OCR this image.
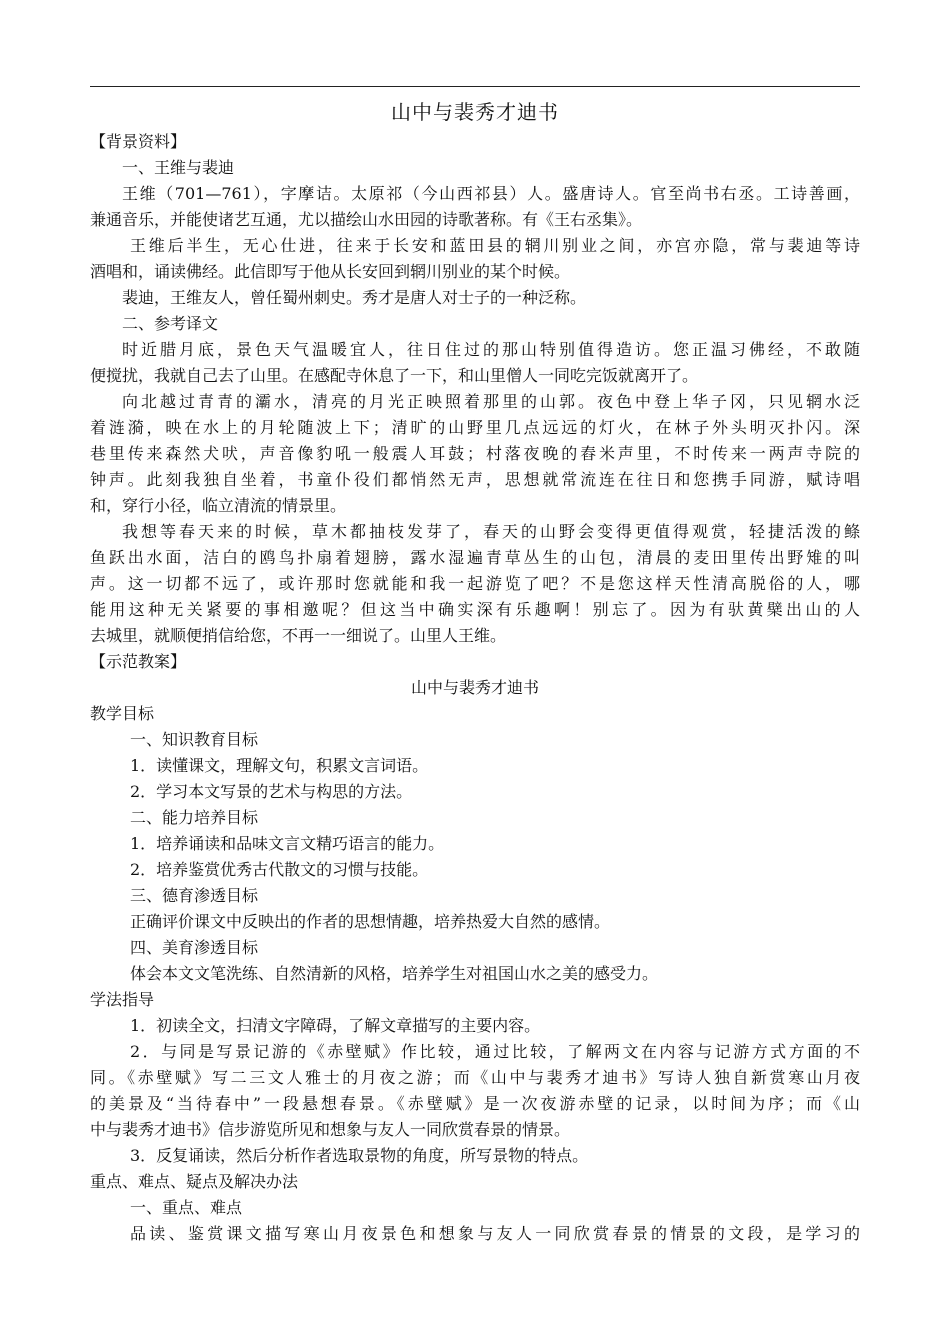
山中与裴秀才迪书
【背景资料】
一、王维与裴迪
王维（701—761），字摩诘。太原祁（今山西祁县）人。盛唐诗人。官至尚书右丞。工诗善画，
兼通音乐，并能使诸艺互通，尤以描绘山水田园的诗歌著称。有《王右丞集》。
王维后半生，无心仕进，往来于长安和蓝田县的辋川别业之间，亦宫亦隐，常与裴迪等诗
酒唱和，诵读佛经。此信即写于他从长安回到辋川别业的某个时候。
裴迪，王维友人，曾任蜀州刺史。秀才是唐人对士子的一种泛称。
二、参考译文
时近腊月底，景色天气温暖宜人，往日住过的那山特别值得造访。您正温习佛经，不敢随
便搅扰，我就自己去了山里。在感配寺休息了一下，和山里僧人一同吃完饭就离开了。
向北越过青青的灞水，清亮的月光正映照着那里的山郭。夜色中登上华子冈，只见辋水泛
着涟漪，映在水上的月轮随波上下；清旷的山野里几点远远的灯火，在林子外头明灭扑闪。深
巷里传来森然犬吠，声音像豹吼一般震人耳鼓；村落夜晚的舂米声里，不时传来一两声寺院的
钟声。此刻我独自坐着，书童仆役们都悄然无声，思想就常流连在往日和您携手同游，赋诗唱
和，穿行小径，临立清流的情景里。
我想等春天来的时候，草木都抽枝发芽了，春天的山野会变得更值得观赏，轻捷活泼的鲦
鱼跃出水面，洁白的鸥鸟扑扇着翅膀，露水湿遍青草丛生的山包，清晨的麦田里传出野雉的叫
声。这一切都不远了，或许那时您就能和我一起游览了吧？不是您这样天性清高脱俗的人，哪
能用这种无关紧要的事相邀呢？但这当中确实深有乐趣啊！别忘了。因为有驮黄檗出山的人
去城里，就顺便捎信给您，不再一一细说了。山里人王维。
【示范教案】
山中与裴秀才迪书
教学目标
一、知识教育目标
1．读懂课文，理解文句，积累文言词语。
2．学习本文写景的艺术与构思的方法。
二、能力培养目标
1．培养诵读和品味文言文精巧语言的能力。
2．培养鉴赏优秀古代散文的习惯与技能。
三、德育渗透目标
正确评价课文中反映出的作者的思想情趣，培养热爱大自然的感情。
四、美育渗透目标
体会本文文笔洗练、自然清新的风格，培养学生对祖国山水之美的感受力。
学法指导
1．初读全文，扫清文字障碍，了解文章描写的主要内容。
2．与同是写景记游的《赤壁赋》作比较，通过比较，了解两文在内容与记游方式方面的不
同。《赤壁赋》写二三文人雅士的月夜之游；而《山中与裴秀才迪书》写诗人独自新赏寒山月夜
的美景及“当待春中”一段悬想春景。《赤壁赋》是一次夜游赤壁的记录，以时间为序；而《山
中与裴秀才迪书》信步游览所见和想象与友人一同欣赏春景的情景。
3．反复诵读，然后分析作者选取景物的角度，所写景物的特点。
重点、难点、疑点及解决办法
一、重点、难点
品读、鉴赏课文描写寒山月夜景色和想象与友人一同欣赏春景的情景的文段，是学习的
